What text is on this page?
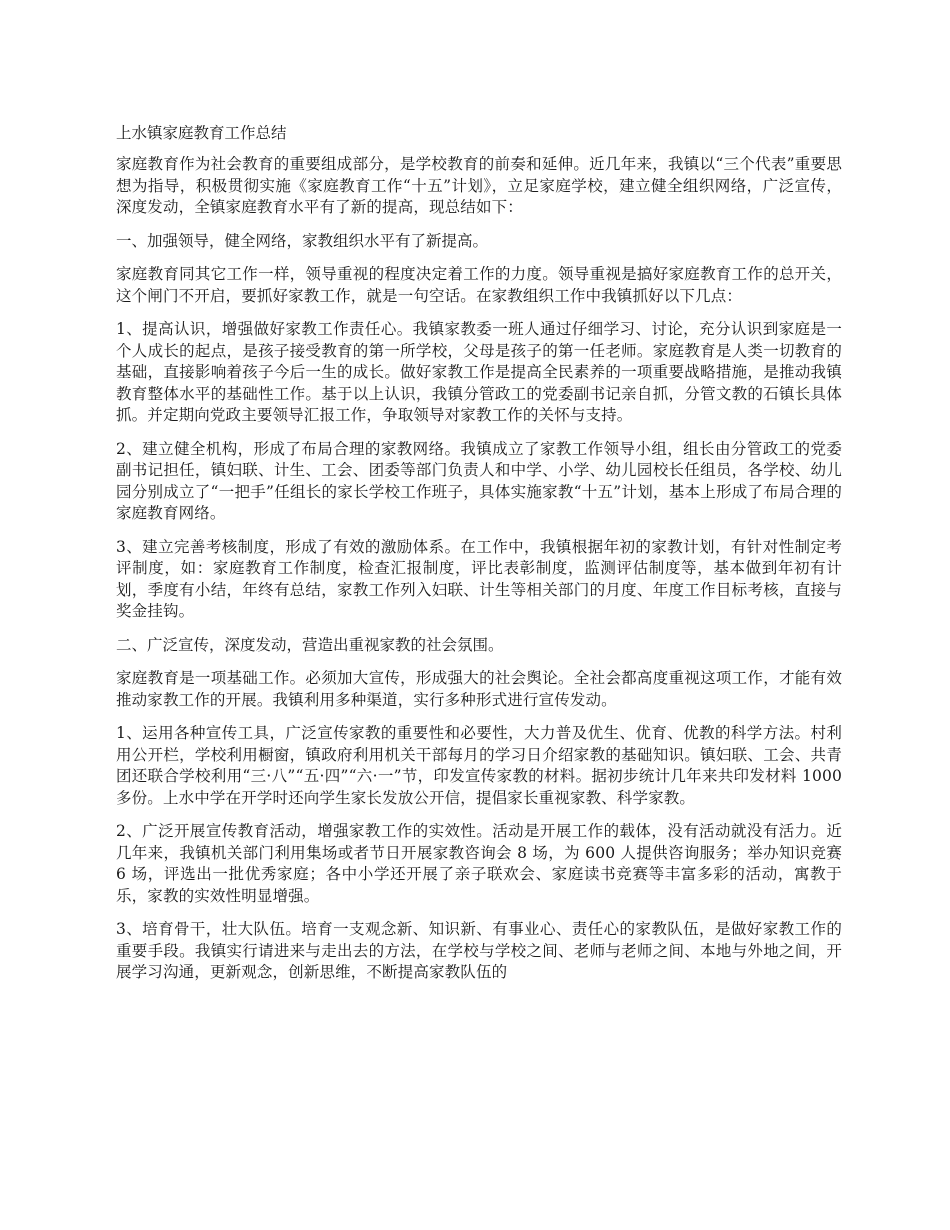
上水镇家庭教育工作总结

家庭教育作为社会教育的重要组成部分，是学校教育的前奏和延伸。近几年来，我镇以“三个代表”重要思想为指导，积极贯彻实施《家庭教育工作“十五”计划》，立足家庭学校，建立健全组织网络，广泛宣传，深度发动，全镇家庭教育水平有了新的提高，现总结如下：

一、加强领导，健全网络，家教组织水平有了新提高。

家庭教育同其它工作一样，领导重视的程度决定着工作的力度。领导重视是搞好家庭教育工作的总开关，这个闸门不开启，要抓好家教工作，就是一句空话。在家教组织工作中我镇抓好以下几点：

1、提高认识，增强做好家教工作责任心。我镇家教委一班人通过仔细学习、讨论，充分认识到家庭是一个人成长的起点，是孩子接受教育的第一所学校，父母是孩子的第一任老师。家庭教育是人类一切教育的基础，直接影响着孩子今后一生的成长。做好家教工作是提高全民素养的一项重要战略措施，是推动我镇教育整体水平的基础性工作。基于以上认识，我镇分管政工的党委副书记亲自抓，分管文教的石镇长具体抓。并定期向党政主要领导汇报工作，争取领导对家教工作的关怀与支持。

2、建立健全机构，形成了布局合理的家教网络。我镇成立了家教工作领导小组，组长由分管政工的党委副书记担任，镇妇联、计生、工会、团委等部门负责人和中学、小学、幼儿园校长任组员，各学校、幼儿园分别成立了“一把手”任组长的家长学校工作班子，具体实施家教“十五”计划，基本上形成了布局合理的家庭教育网络。

3、建立完善考核制度，形成了有效的激励体系。在工作中，我镇根据年初的家教计划，有针对性制定考评制度，如：家庭教育工作制度，检查汇报制度，评比表彰制度，监测评估制度等，基本做到年初有计划，季度有小结，年终有总结，家教工作列入妇联、计生等相关部门的月度、年度工作目标考核，直接与奖金挂钩。

二、广泛宣传，深度发动，营造出重视家教的社会氛围。

家庭教育是一项基础工作。必须加大宣传，形成强大的社会舆论。全社会都高度重视这项工作，才能有效推动家教工作的开展。我镇利用多种渠道，实行多种形式进行宣传发动。

1、运用各种宣传工具，广泛宣传家教的重要性和必要性，大力普及优生、优育、优教的科学方法。村利用公开栏，学校利用橱窗，镇政府利用机关干部每月的学习日介绍家教的基础知识。镇妇联、工会、共青团还联合学校利用“三·八”“五·四”“六·一”节，印发宣传家教的材料。据初步统计几年来共印发材料 1000 多份。上水中学在开学时还向学生家长发放公开信，提倡家长重视家教、科学家教。

2、广泛开展宣传教育活动，增强家教工作的实效性。活动是开展工作的载体，没有活动就没有活力。近几年来，我镇机关部门利用集场或者节日开展家教咨询会 8 场，为 600 人提供咨询服务；举办知识竞赛 6 场，评选出一批优秀家庭；各中小学还开展了亲子联欢会、家庭读书竞赛等丰富多彩的活动，寓教于乐，家教的实效性明显增强。

3、培育骨干，壮大队伍。培育一支观念新、知识新、有事业心、责任心的家教队伍，是做好家教工作的重要手段。我镇实行请进来与走出去的方法，在学校与学校之间、老师与老师之间、本地与外地之间，开展学习沟通，更新观念，创新思维，不断提高家教队伍的
